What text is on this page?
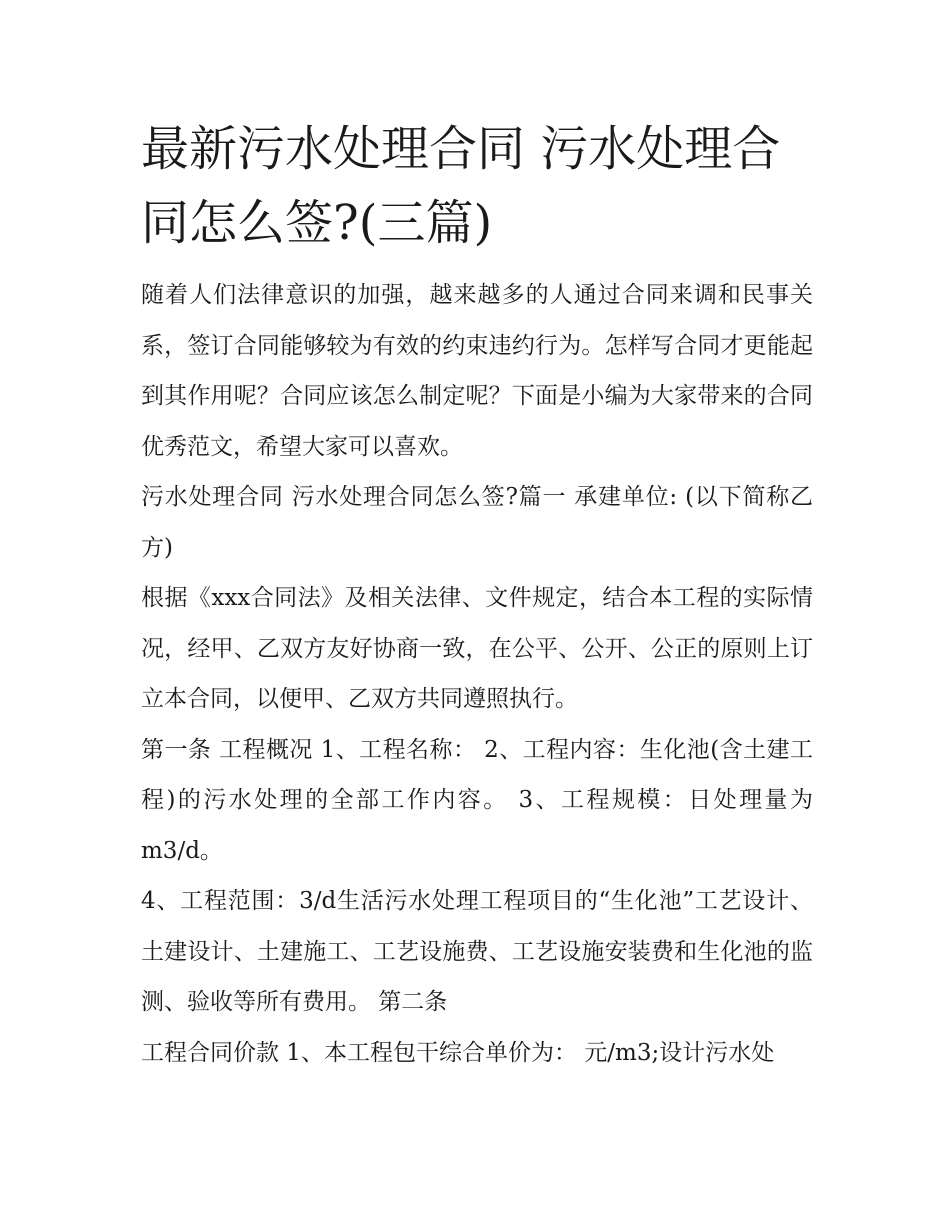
最新污水处理合同 污水处理合同怎么签?(三篇)

随着人们法律意识的加强，越来越多的人通过合同来调和民事关系，签订合同能够较为有效的约束违约行为。怎样写合同才更能起到其作用呢？合同应该怎么制定呢？下面是小编为大家带来的合同优秀范文，希望大家可以喜欢。

污水处理合同 污水处理合同怎么签?篇一 承建单位: (以下简称乙方)

根据《xxx合同法》及相关法律、文件规定，结合本工程的实际情况，经甲、乙双方友好协商一致，在公平、公开、公正的原则上订立本合同，以便甲、乙双方共同遵照执行。

第一条 工程概况 1、工程名称： 2、工程内容：生化池(含土建工程)的污水处理的全部工作内容。 3、工程规模：日处理量为m3/d。

4、工程范围：3/d生活污水处理工程项目的“生化池”工艺设计、土建设计、土建施工、工艺设施费、工艺设施安装费和生化池的监测、验收等所有费用。 第二条

工程合同价款 1、本工程包干综合单价为： 元/m3;设计污水处
